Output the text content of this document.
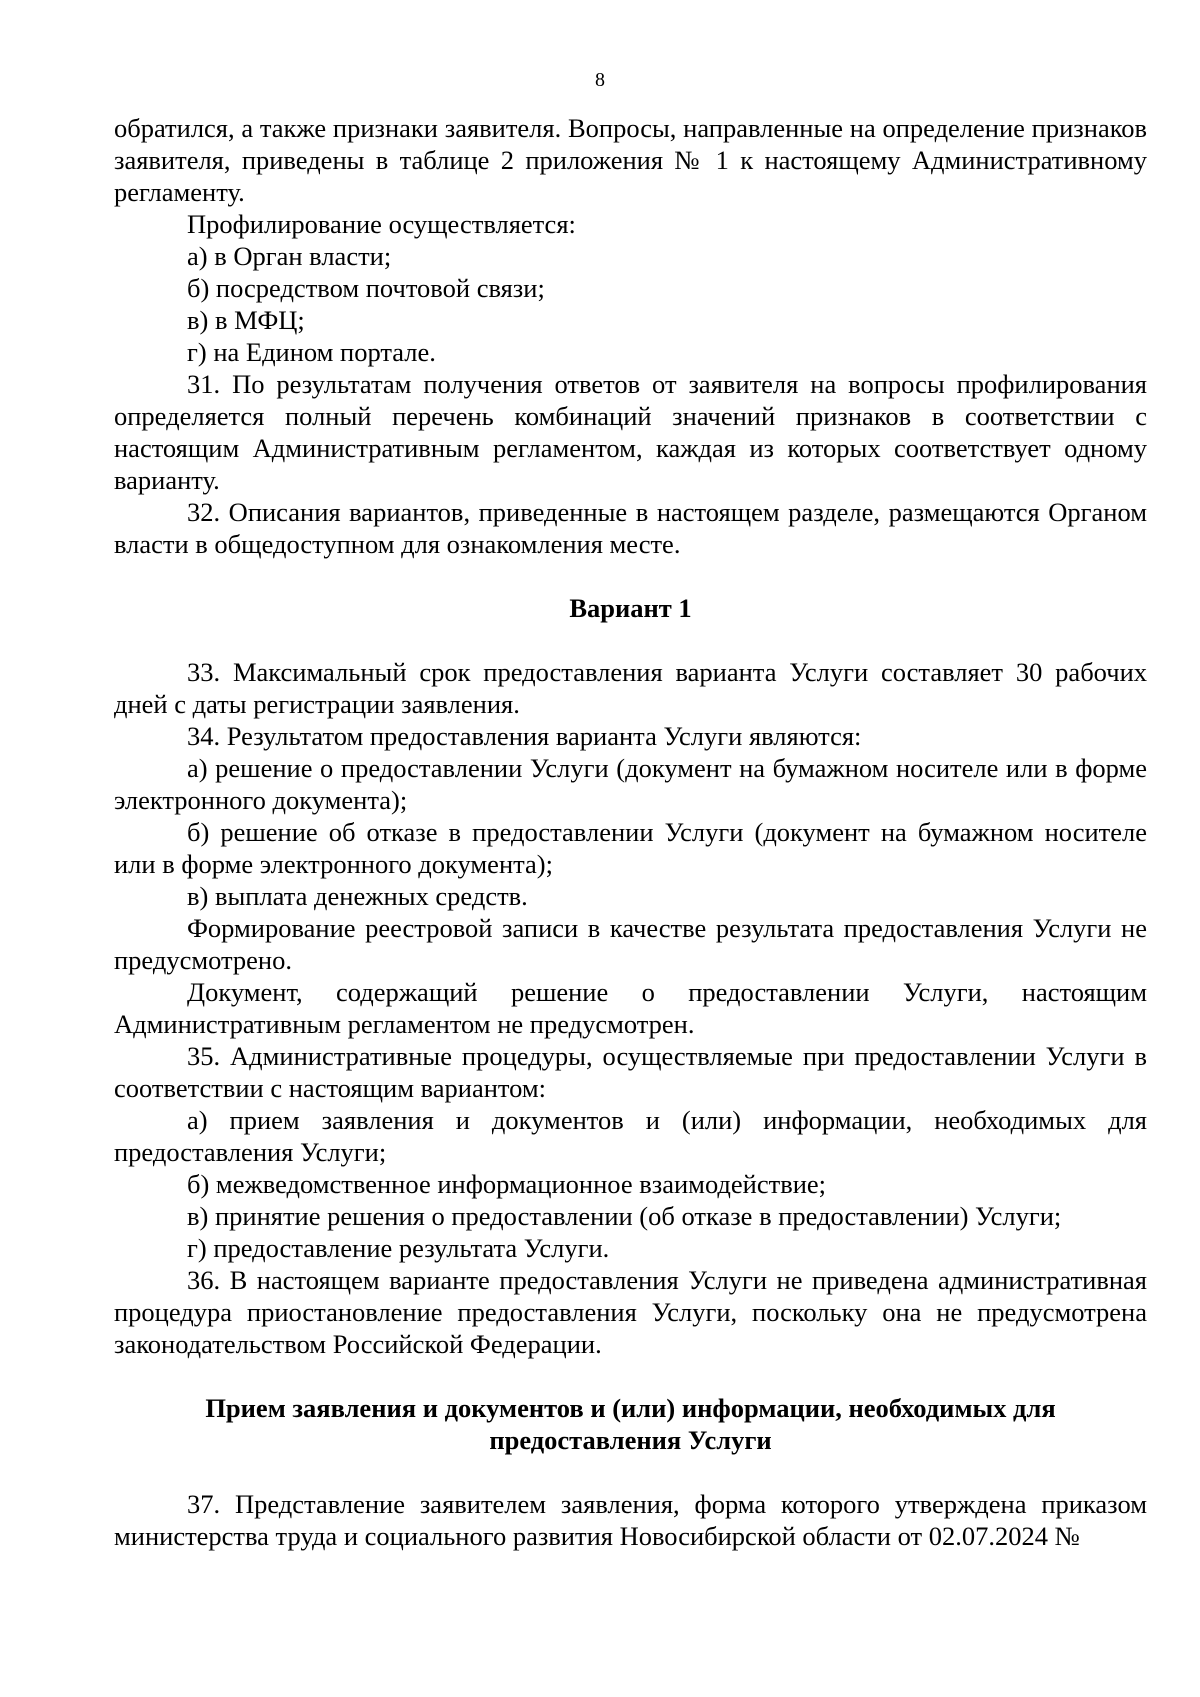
8

обратился, а также признаки заявителя. Вопросы, направленные на определение признаков заявителя, приведены в таблице 2 приложения № 1 к настоящему Административному регламенту.

Профилирование осуществляется:

а) в Орган власти;

б) посредством почтовой связи;

в) в МФЦ;

г) на Едином портале.

31. По результатам получения ответов от заявителя на вопросы профилирования определяется полный перечень комбинаций значений признаков в соответствии с настоящим Административным регламентом, каждая из которых соответствует одному варианту.

32. Описания вариантов, приведенные в настоящем разделе, размещаются Органом власти в общедоступном для ознакомления месте.

Вариант 1

33. Максимальный срок предоставления варианта Услуги составляет 30 рабочих дней с даты регистрации заявления.

34. Результатом предоставления варианта Услуги являются:

а) решение о предоставлении Услуги (документ на бумажном носителе или в форме электронного документа);

б) решение об отказе в предоставлении Услуги (документ на бумажном носителе или в форме электронного документа);

в) выплата денежных средств.

Формирование реестровой записи в качестве результата предоставления Услуги не предусмотрено.

Документ, содержащий решение о предоставлении Услуги, настоящим Административным регламентом не предусмотрен.

35. Административные процедуры, осуществляемые при предоставлении Услуги в соответствии с настоящим вариантом:

а) прием заявления и документов и (или) информации, необходимых для предоставления Услуги;

б) межведомственное информационное взаимодействие;

в) принятие решения о предоставлении (об отказе в предоставлении) Услуги;

г) предоставление результата Услуги.

36. В настоящем варианте предоставления Услуги не приведена административная процедура приостановление предоставления Услуги, поскольку она не предусмотрена законодательством Российской Федерации.

Прием заявления и документов и (или) информации, необходимых для
предоставления Услуги

37. Представление заявителем заявления, форма которого утверждена приказом министерства труда и социального развития Новосибирской области от 02.07.2024 №
